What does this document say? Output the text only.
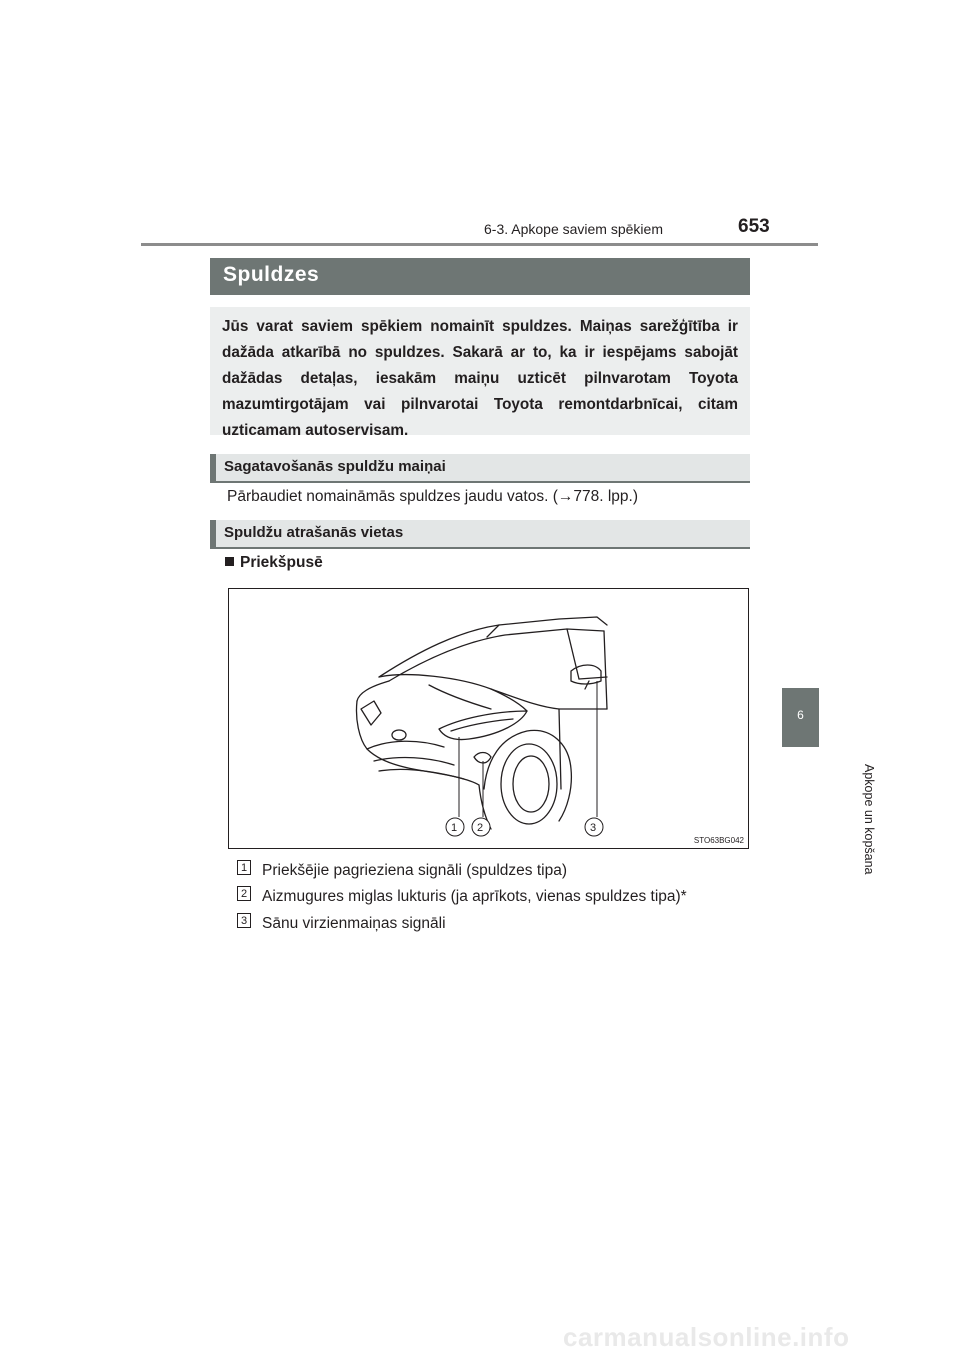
6-3. Apkope saviem spēkiem	653
6
Apkope un kopšana
Spuldzes
Jūs varat saviem spēkiem nomainīt spuldzes. Maiņas sarežģītība ir dažāda atkarībā no spuldzes. Sakarā ar to, ka ir iespējams sabojāt dažādas detaļas, iesakām maiņu uzticēt pilnvarotam Toyota mazumtirgotājam vai pilnvarotai Toyota remontdarbnīcai, citam uzticamam autoservisam.
Sagatavošanās spuldžu maiņai
Pārbaudiet nomaināmās spuldzes jaudu vatos. (→778. lpp.)
Spuldžu atrašanās vietas
Priekšpusē
1 2	3
STO63BG042
1 Priekšējie pagrieziena signāli (spuldzes tipa)
2 Aizmugures miglas lukturis (ja aprīkots, vienas spuldzes tipa)*
3 Sānu virzienmaiņas signāli
carmanualsonline.info
